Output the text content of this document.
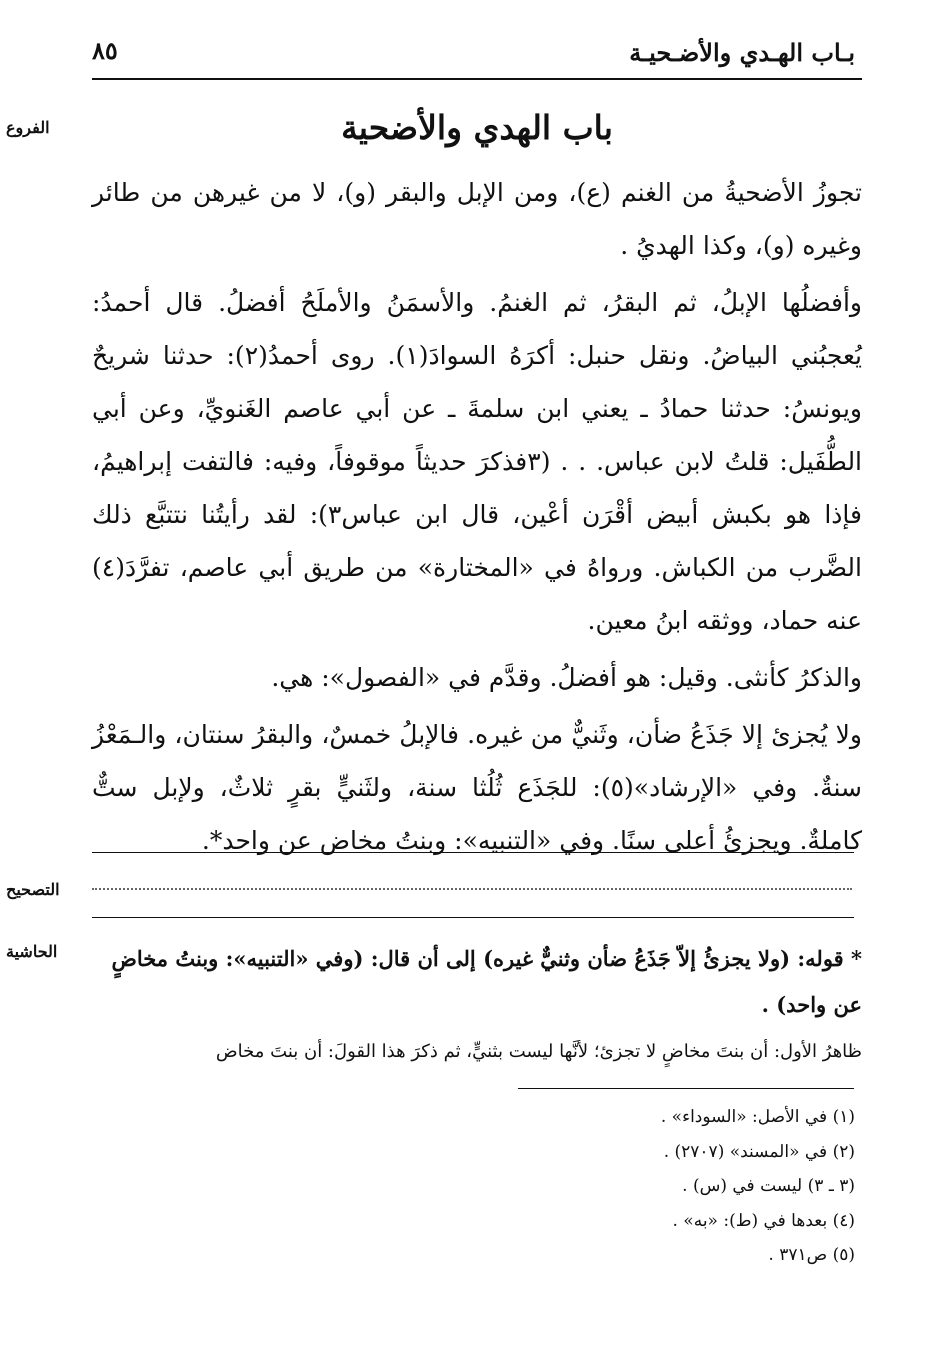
بـاب الهـدي والأضـحيـة
٨٥
الفروع	باب الهدي والأضحية

تجوزُ الأضحيةُ من الغنم (ع)، ومن الإبل والبقر (و)، لا من غيرهن من طائر وغيره (و)، وكذا الهديُ .

وأفضلُها الإبلُ، ثم البقرُ، ثم الغنمُ. والأسمَنُ والأملَحُ أفضلُ. قال أحمدُ: يُعجبُني البياضُ. ونقل حنبل: أكرَهُ السوادَ(١). روى أحمدُ(٢): حدثنا شريحٌ ويونسُ: حدثنا حمادُ ـ يعني ابن سلمةَ ـ عن أبي عاصم الغَنويِّ، وعن أبي الطُّفَيل: قلتُ لابن عباس. . . (٣فذكرَ حديثاً موقوفاً، وفيه: فالتفت إبراهيمُ، فإذا هو بكبش أبيض أقْرَن أعْين، قال ابن عباس٣): لقد رأيتُنا نتتبَّع ذلك الضَّرب من الكباش. ورواهُ في «المختارة» من طريق أبي عاصم، تفرَّدَ(٤) عنه حماد، ووثقه ابنُ معين.

والذكرُ كأنثى. وقيل: هو أفضلُ. وقدَّم في «الفصول»: هي.

ولا يُجزئ إلا جَذَعُ ضأن، وثَنيٌّ من غيره. فالإبلُ خمسٌ، والبقرُ سنتان، والـمَعْزُ سنةٌ. وفي «الإرشاد»(٥): للجَذَع ثُلُثا سنة، ولثَنيٍّ بقرٍ ثلاثٌ، ولإبل ستٌّ كاملةٌ. ويجزئُ أعلى سنًا. وفي «التنبيه»: وبنتُ مخاض عن واحد*.

التصحيح
الحاشية	* قوله: (ولا يجزئُ إلاّ جَذَعُ ضأن وثنيٌّ غيره) إلى أن قال: (وفي «التنبيه»: وبنتُ مخاضٍ عن واحد) .
ظاهرُ الأول: أن بنتَ مخاضٍ لا تجزئ؛ لأنَّها ليست بثنيٍّ، ثم ذكرَ هذا القولَ: أن بنتَ مخاض
(١) في الأصل: «السوداء» .
(٢) في «المسند» (٢٧٠٧) .
(٣ ـ ٣) ليست في (س) .
(٤) بعدها في (ط): «به» .
(٥) ص٣٧١ .
